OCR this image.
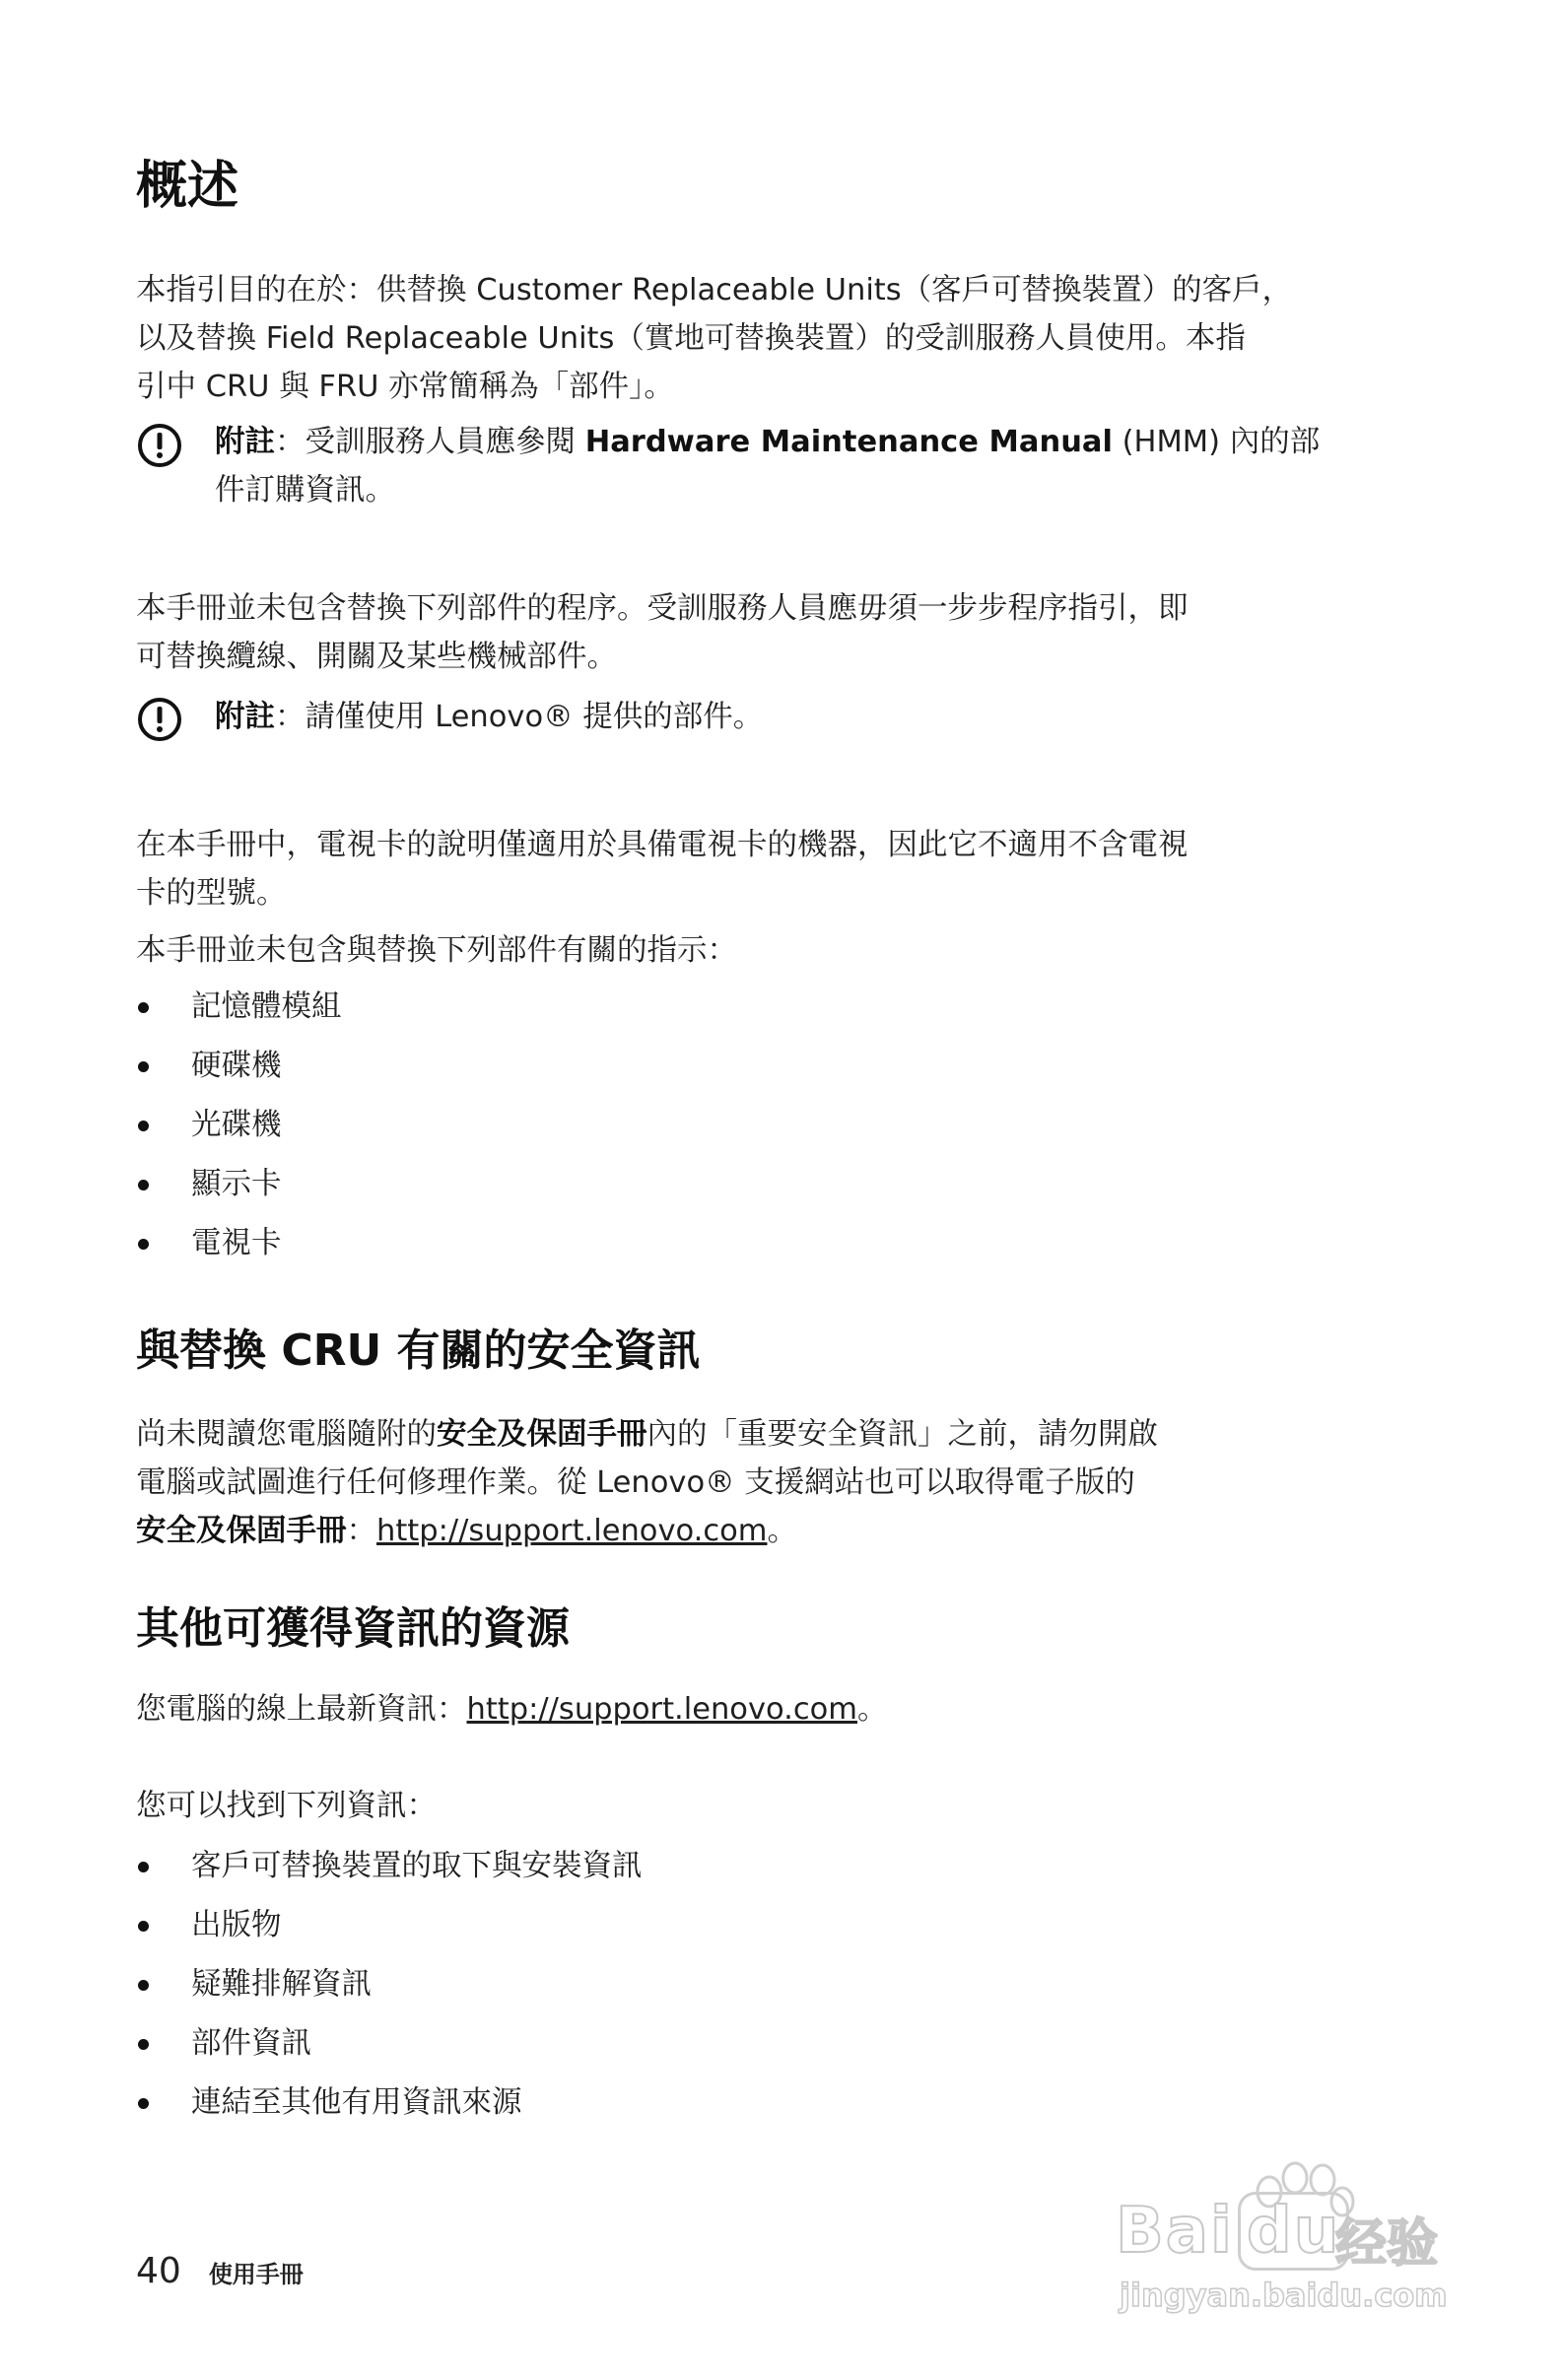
概述
本指引目的在於：供替換 Customer Replaceable Units（客戶可替換裝置）的客戶，
以及替換 Field Replaceable Units（實地可替換裝置）的受訓服務人員使用。本指
引中 CRU 與 FRU 亦常簡稱為「部件」。
附註：受訓服務人員應參閱 Hardware Maintenance Manual (HMM) 內的部
件訂購資訊。
本手冊並未包含替換下列部件的程序。受訓服務人員應毋須一步步程序指引，即
可替換纜線、開關及某些機械部件。
附註：請僅使用 Lenovo® 提供的部件。
在本手冊中，電視卡的說明僅適用於具備電視卡的機器，因此它不適用不含電視
卡的型號。
本手冊並未包含與替換下列部件有關的指示：
記憶體模組
硬碟機
光碟機
顯示卡
電視卡
與替換 CRU 有關的安全資訊
尚未閱讀您電腦隨附的安全及保固手冊內的「重要安全資訊」之前，請勿開啟
電腦或試圖進行任何修理作業。從 Lenovo® 支援網站也可以取得電子版的
安全及保固手冊：http://support.lenovo.com。
其他可獲得資訊的資源
您電腦的線上最新資訊：http://support.lenovo.com。
您可以找到下列資訊：
客戶可替換裝置的取下與安裝資訊
出版物
疑難排解資訊
部件資訊
連結至其他有用資訊來源
40 使用手冊
Bai du
经验
jingyan.baidu.com
